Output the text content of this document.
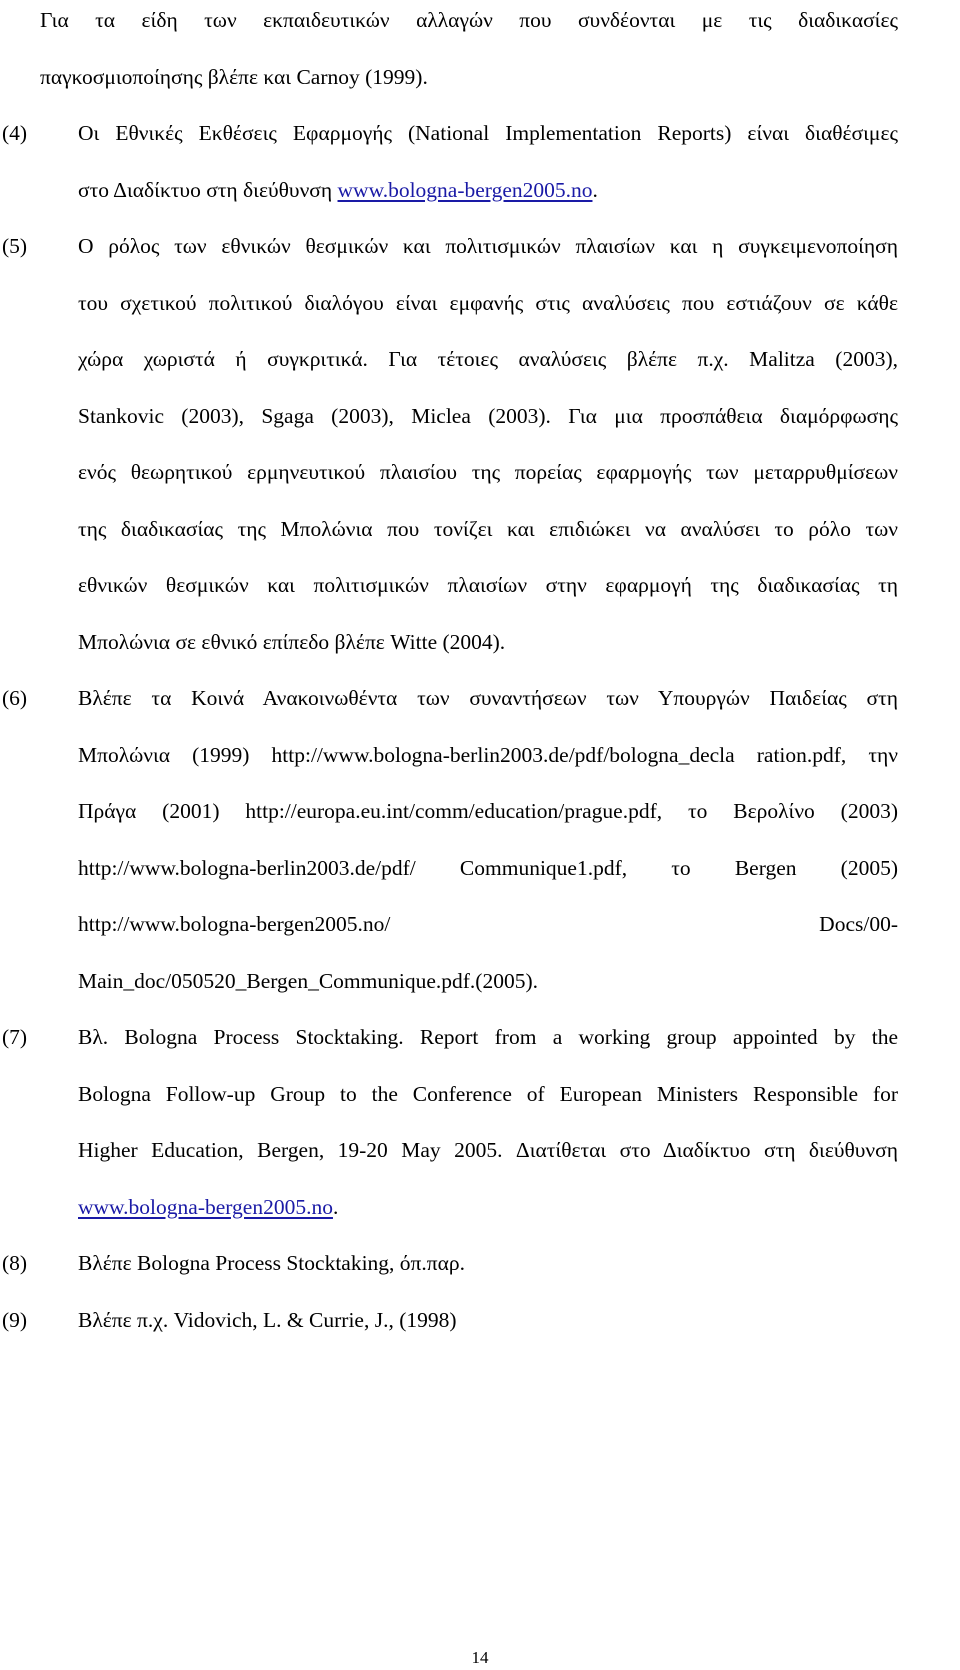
Για τα είδη των εκπαιδευτικών αλλαγών που συνδέονται με τις διαδικασίες
παγκοσμιοποίησης βλέπε και Carnoy (1999).
(4) Οι Εθνικές Εκθέσεις Εφαρμογής (National Implementation Reports) είναι διαθέσιμες
στο Διαδίκτυο στη διεύθυνση www.bologna-bergen2005.no.
(5) Ο ρόλος των εθνικών θεσμικών και πολιτισμικών πλαισίων και η συγκειμενοποίηση
του σχετικού πολιτικού διαλόγου είναι εμφανής στις αναλύσεις που εστιάζουν σε κάθε
χώρα χωριστά ή συγκριτικά. Για τέτοιες αναλύσεις βλέπε π.χ. Malitza (2003),
Stankovic (2003), Sgaga (2003), Miclea (2003). Για μια προσπάθεια διαμόρφωσης
ενός θεωρητικού ερμηνευτικού πλαισίου της πορείας εφαρμογής των μεταρρυθμίσεων
της διαδικασίας της Μπολώνια που τονίζει και επιδιώκει να αναλύσει το ρόλο των
εθνικών θεσμικών και πολιτισμικών πλαισίων στην εφαρμογή της διαδικασίας τη
Μπολώνια σε εθνικό επίπεδο βλέπε Witte (2004).
(6) Βλέπε τα Κοινά Ανακοινωθέντα των συναντήσεων των Υπουργών Παιδείας στη
Μπολώνια (1999) http://www.bologna-berlin2003.de/pdf/bologna_decla ration.pdf, την
Πράγα (2001) http://europa.eu.int/comm/education/prague.pdf, το Βερολίνο (2003)
http://www.bologna-berlin2003.de/pdf/ Communique1.pdf, το Bergen (2005)
http://www.bologna-bergen2005.no/ Docs/00-
Main_doc/050520_Bergen_Communique.pdf.(2005).
(7) Βλ. Bologna Process Stocktaking. Report from a working group appointed by the
Bologna Follow-up Group to the Conference of European Ministers Responsible for
Higher Education, Bergen, 19-20 May 2005. Διατίθεται στο Διαδίκτυο στη διεύθυνση
www.bologna-bergen2005.no.
(8) Βλέπε Bologna Process Stocktaking, όπ.παρ.
(9) Βλέπε π.χ. Vidovich, L. & Currie, J., (1998)
14
